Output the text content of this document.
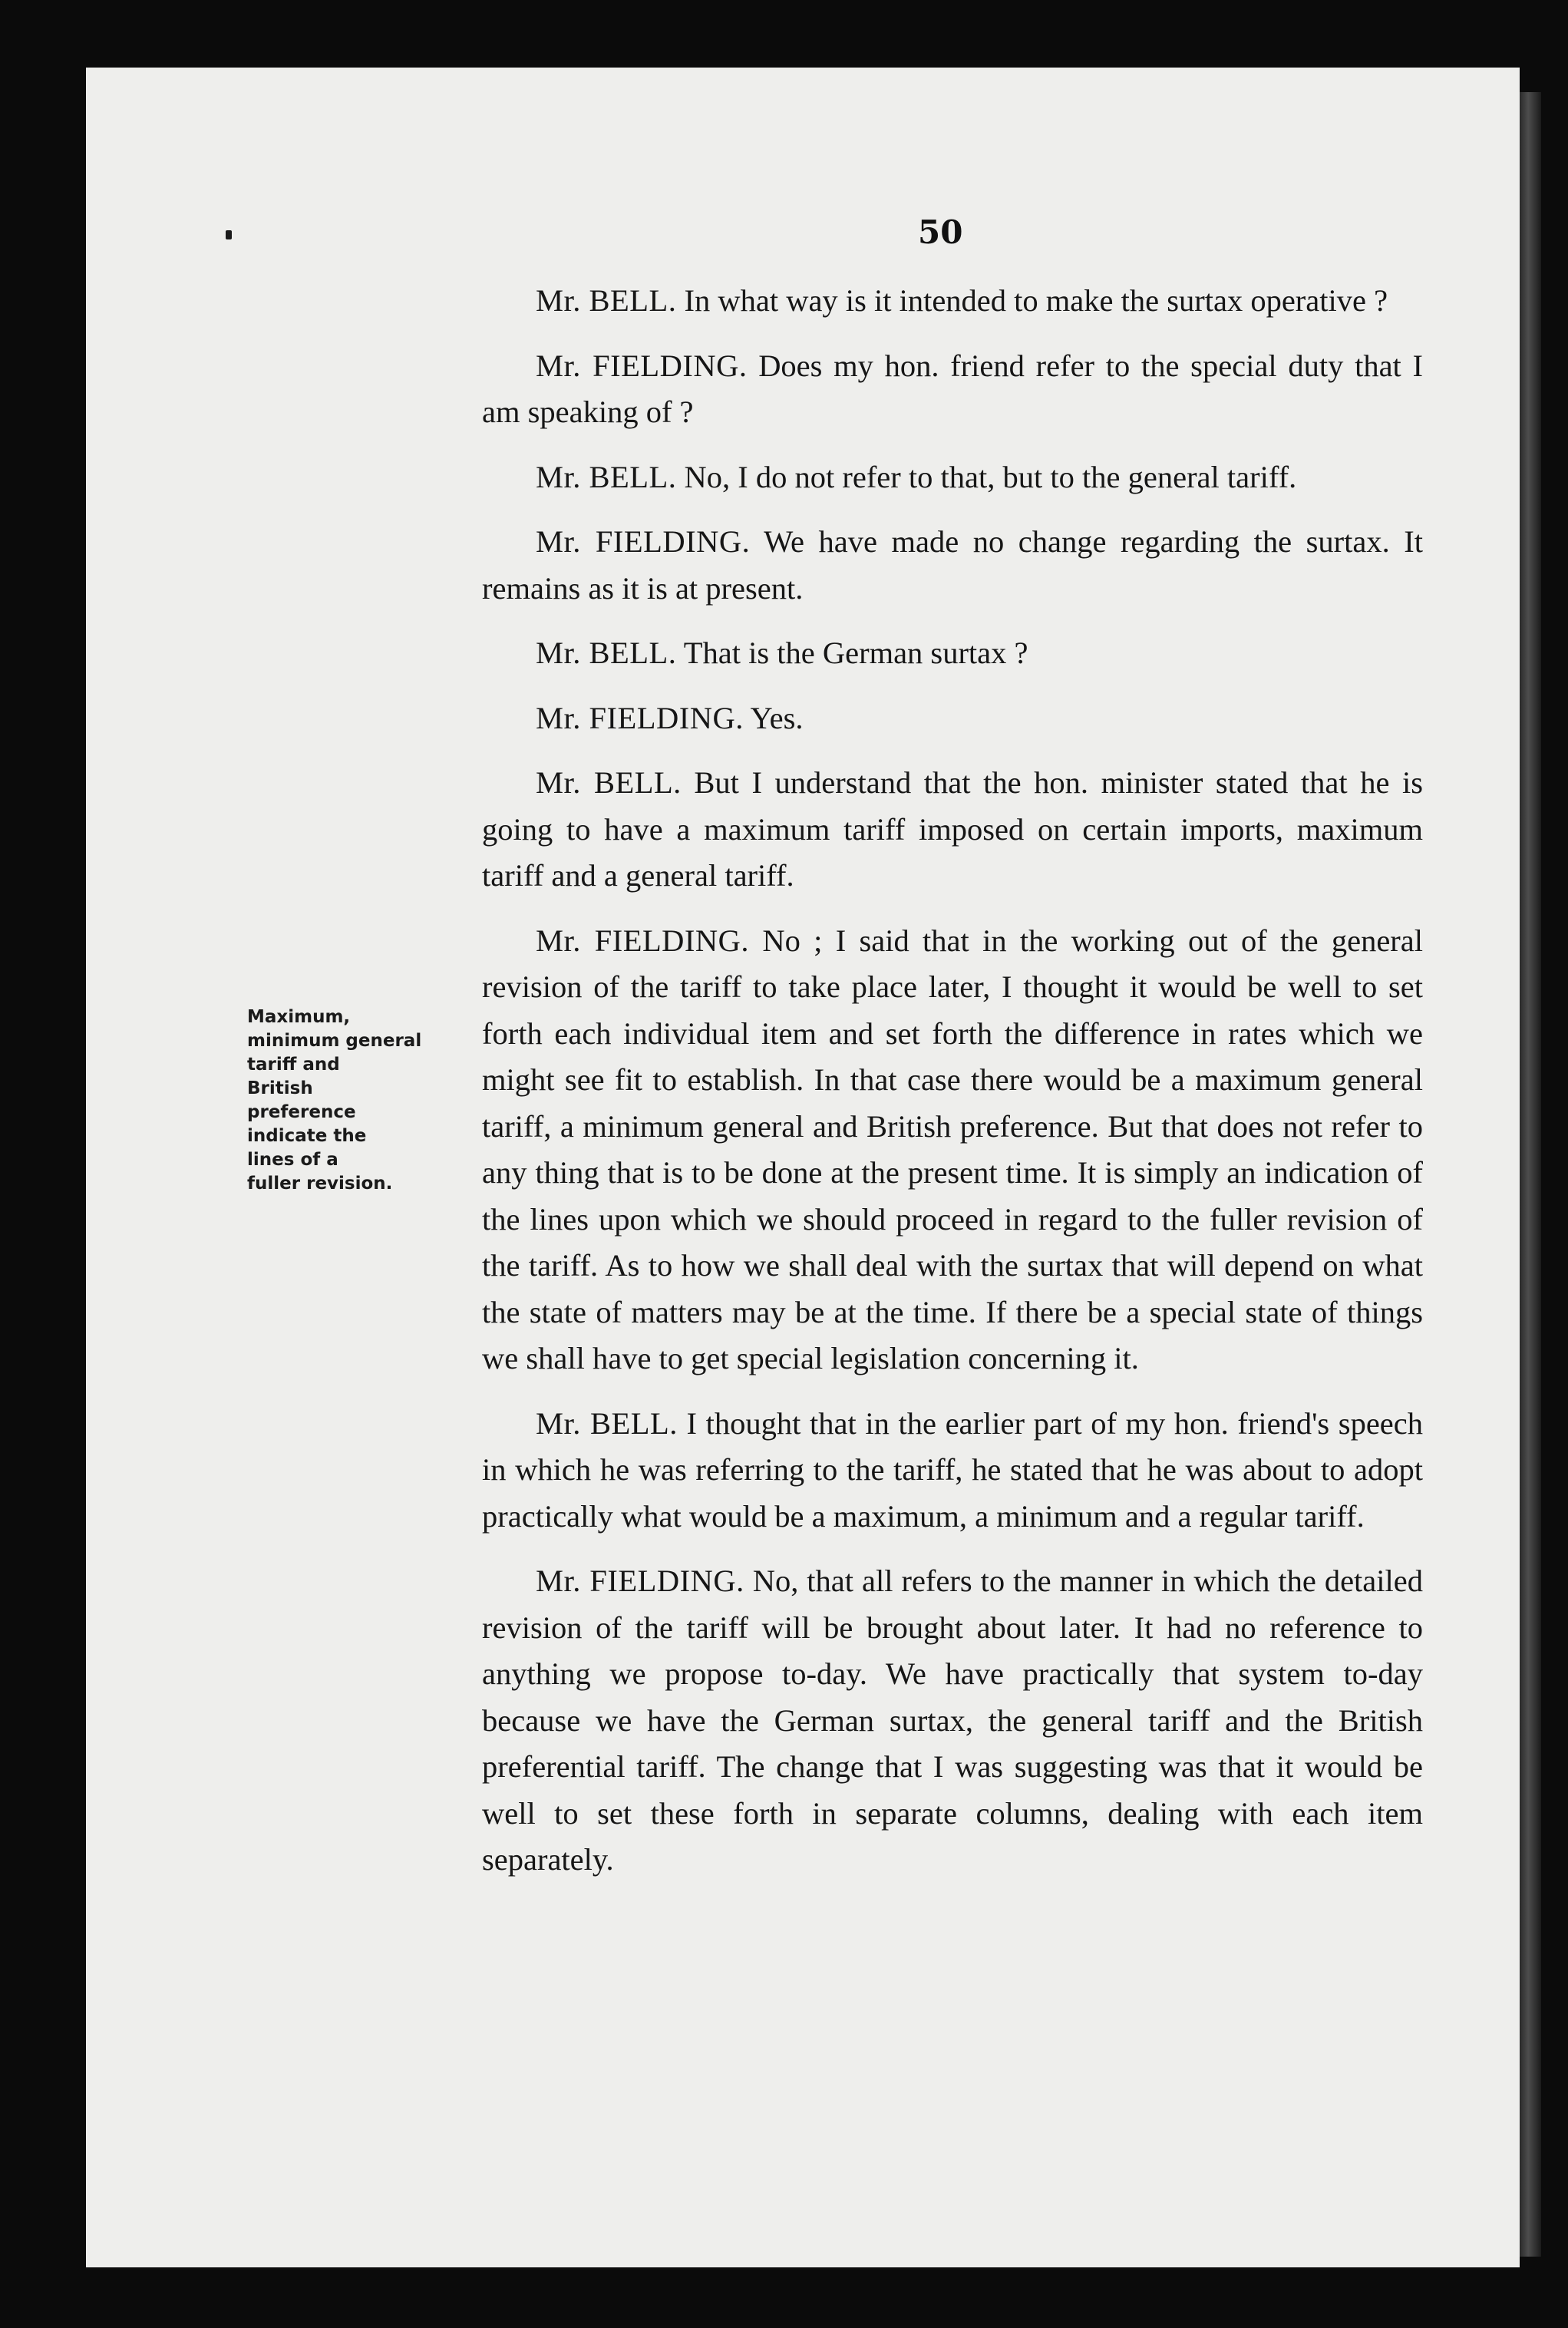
50
Maximum,
minimum general
tariff and
British
preference
indicate the
lines of a
fuller revision.

Mr. BELL. In what way is it intended to make the surtax operative ?

Mr. FIELDING. Does my hon. friend refer to the special duty that I am speaking of ?

Mr. BELL. No, I do not refer to that, but to the general tariff.

Mr. FIELDING. We have made no change regarding the surtax. It remains as it is at present.

Mr. BELL. That is the German surtax ?

Mr. FIELDING. Yes.

Mr. BELL. But I understand that the hon. minister stated that he is going to have a maximum tariff imposed on certain imports, maximum tariff and a general tariff.

Mr. FIELDING. No ; I said that in the working out of the general revision of the tariff to take place later, I thought it would be well to set forth each individual item and set forth the difference in rates which we might see fit to establish. In that case there would be a maximum general tariff, a minimum general and British preference. But that does not refer to any thing that is to be done at the present time. It is simply an indication of the lines upon which we should proceed in regard to the fuller revision of the tariff. As to how we shall deal with the surtax that will depend on what the state of matters may be at the time. If there be a special state of things we shall have to get special legislation concerning it.

Mr. BELL. I thought that in the earlier part of my hon. friend's speech in which he was referring to the tariff, he stated that he was about to adopt practically what would be a maximum, a minimum and a regular tariff.

Mr. FIELDING. No, that all refers to the manner in which the detailed revision of the tariff will be brought about later. It had no reference to anything we propose to-day. We have practically that system to-day because we have the German surtax, the general tariff and the British preferential tariff. The change that I was suggesting was that it would be well to set these forth in separate columns, dealing with each item separately.
